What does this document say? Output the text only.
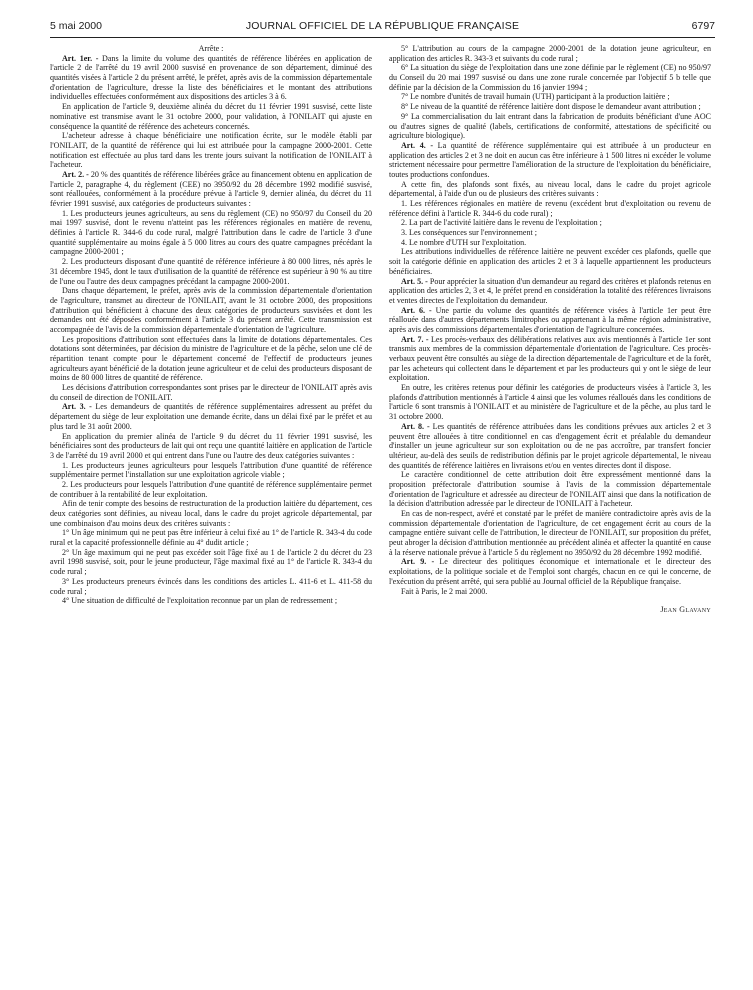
5 mai 2000	JOURNAL OFFICIEL DE LA RÉPUBLIQUE FRANÇAISE	6797

Arrête :

Art. 1er. - Dans la limite du volume des quantités de référence libérées en application de l'article 2 de l'arrêté du 19 avril 2000 susvisé en provenance de son département, diminué des quantités visées à l'article 2 du présent arrêté, le préfet, après avis de la commission départementale d'orientation de l'agriculture, dresse la liste des bénéficiaires et le montant des attributions individuelles effectuées conformément aux dispositions des articles 3 à 6.

En application de l'article 9, deuxième alinéa du décret du 11 février 1991 susvisé, cette liste nominative est transmise avant le 31 octobre 2000, pour validation, à l'ONILAIT qui ajuste en conséquence la quantité de référence des acheteurs concernés.

L'acheteur adresse à chaque bénéficiaire une notification écrite, sur le modèle établi par l'ONILAIT, de la quantité de référence qui lui est attribuée pour la campagne 2000-2001. Cette notification est effectuée au plus tard dans les trente jours suivant la notification de l'ONILAIT à l'acheteur.

Art. 2. - 20 % des quantités de référence libérées grâce au financement obtenu en application de l'article 2, paragraphe 4, du règlement (CEE) no 3950/92 du 28 décembre 1992 modifié susvisé, sont réallouées, conformément à la procédure prévue à l'article 9, dernier alinéa, du décret du 11 février 1991 susvisé, aux catégories de producteurs suivantes :

1. Les producteurs jeunes agriculteurs, au sens du règlement (CE) no 950/97 du Conseil du 20 mai 1997 susvisé, dont le revenu n'atteint pas les références régionales en matière de revenu, définies à l'article R. 344-6 du code rural, malgré l'attribution dans le cadre de l'article 3 d'une quantité supplémentaire au moins égale à 5 000 litres au cours des quatre campagnes précédant la campagne 2000-2001 ;

2. Les producteurs disposant d'une quantité de référence inférieure à 80 000 litres, nés après le 31 décembre 1945, dont le taux d'utilisation de la quantité de référence est supérieur à 90 % au titre de l'une ou l'autre des deux campagnes précédant la campagne 2000-2001.

Dans chaque département, le préfet, après avis de la commission départementale d'orientation de l'agriculture, transmet au directeur de l'ONILAIT, avant le 31 octobre 2000, des propositions d'attribution qui bénéficient à chacune des deux catégories de producteurs susvisées et dont les demandes ont été déposées conformément à l'article 3 du présent arrêté. Cette transmission est accompagnée de l'avis de la commission départementale d'orientation de l'agriculture.

Les propositions d'attribution sont effectuées dans la limite de dotations départementales. Ces dotations sont déterminées, par décision du ministre de l'agriculture et de la pêche, selon une clé de répartition tenant compte pour le département concerné de l'effectif de producteurs jeunes agriculteurs ayant bénéficié de la dotation jeune agriculteur et de celui des producteurs disposant de moins de 80 000 litres de quantité de référence.

Les décisions d'attribution correspondantes sont prises par le directeur de l'ONILAIT après avis du conseil de direction de l'ONILAIT.

Art. 3. - Les demandeurs de quantités de référence supplémentaires adressent au préfet du département du siège de leur exploitation une demande écrite, dans un délai fixé par le préfet et au plus tard le 31 août 2000.

En application du premier alinéa de l'article 9 du décret du 11 février 1991 susvisé, les bénéficiaires sont des producteurs de lait qui ont reçu une quantité laitière en application de l'article 3 de l'arrêté du 19 avril 2000 et qui entrent dans l'une ou l'autre des deux catégories suivantes :

1. Les producteurs jeunes agriculteurs pour lesquels l'attribution d'une quantité de référence supplémentaire permet l'installation sur une exploitation agricole viable ;

2. Les producteurs pour lesquels l'attribution d'une quantité de référence supplémentaire permet de contribuer à la rentabilité de leur exploitation.

Afin de tenir compte des besoins de restructuration de la production laitière du département, ces deux catégories sont définies, au niveau local, dans le cadre du projet agricole départemental, par une combinaison d'au moins deux des critères suivants :

1° Un âge minimum qui ne peut pas être inférieur à celui fixé au 1° de l'article R. 343-4 du code rural et la capacité professionnelle définie au 4° dudit article ;

2° Un âge maximum qui ne peut pas excéder soit l'âge fixé au 1 de l'article 2 du décret du 23 avril 1998 susvisé, soit, pour le jeune producteur, l'âge maximal fixé au 1° de l'article R. 343-4 du code rural ;

3° Les producteurs preneurs évincés dans les conditions des articles L. 411-6 et L. 411-58 du code rural ;

4° Une situation de difficulté de l'exploitation reconnue par un plan de redressement ;

5° L'attribution au cours de la campagne 2000-2001 de la dotation jeune agriculteur, en application des articles R. 343-3 et suivants du code rural ;

6° La situation du siège de l'exploitation dans une zone définie par le règlement (CE) no 950/97 du Conseil du 20 mai 1997 susvisé ou dans une zone rurale concernée par l'objectif 5 b telle que définie par la décision de la Commission du 16 janvier 1994 ;

7° Le nombre d'unités de travail humain (UTH) participant à la production laitière ;

8° Le niveau de la quantité de référence laitière dont dispose le demandeur avant attribution ;

9° La commercialisation du lait entrant dans la fabrication de produits bénéficiant d'une AOC ou d'autres signes de qualité (labels, certifications de conformité, attestations de spécificité ou agriculture biologique).

Art. 4. - La quantité de référence supplémentaire qui est attribuée à un producteur en application des articles 2 et 3 ne doit en aucun cas être inférieure à 1 500 litres ni excéder le volume strictement nécessaire pour permettre l'amélioration de la structure de l'exploitation du bénéficiaire, toutes productions confondues.

A cette fin, des plafonds sont fixés, au niveau local, dans le cadre du projet agricole départemental, à l'aide d'un ou de plusieurs des critères suivants :

1. Les références régionales en matière de revenu (excédent brut d'exploitation ou revenu de référence défini à l'article R. 344-6 du code rural) ;

2. La part de l'activité laitière dans le revenu de l'exploitation ;

3. Les conséquences sur l'environnement ;

4. Le nombre d'UTH sur l'exploitation.

Les attributions individuelles de référence laitière ne peuvent excéder ces plafonds, quelle que soit la catégorie définie en application des articles 2 et 3 à laquelle appartiennent les producteurs bénéficiaires.

Art. 5. - Pour apprécier la situation d'un demandeur au regard des critères et plafonds retenus en application des articles 2, 3 et 4, le préfet prend en considération la totalité des références livraisons et ventes directes de l'exploitation du demandeur.

Art. 6. - Une partie du volume des quantités de référence visées à l'article 1er peut être réallouée dans d'autres départements limitrophes ou appartenant à la même région administrative, après avis des commissions départementales d'orientation de l'agriculture concernées.

Art. 7. - Les procès-verbaux des délibérations relatives aux avis mentionnés à l'article 1er sont transmis aux membres de la commission départementale d'orientation de l'agriculture. Ces procès-verbaux peuvent être consultés au siège de la direction départementale de l'agriculture et de la forêt, par les acheteurs qui collectent dans le département et par les producteurs qui y ont le siège de leur exploitation.

En outre, les critères retenus pour définir les catégories de producteurs visées à l'article 3, les plafonds d'attribution mentionnés à l'article 4 ainsi que les volumes réalloués dans les conditions de l'article 6 sont transmis à l'ONILAIT et au ministère de l'agriculture et de la pêche, au plus tard le 31 octobre 2000.

Art. 8. - Les quantités de référence attribuées dans les conditions prévues aux articles 2 et 3 peuvent être allouées à titre conditionnel en cas d'engagement écrit et préalable du demandeur d'installer un jeune agriculteur sur son exploitation ou de ne pas accroître, par transfert foncier ultérieur, au-delà des seuils de redistribution définis par le projet agricole départemental, le niveau des quantités de référence laitières en livraisons et/ou en ventes directes dont il dispose.

Le caractère conditionnel de cette attribution doit être expressément mentionné dans la proposition préfectorale d'attribution soumise à l'avis de la commission départementale d'orientation de l'agriculture et adressée au directeur de l'ONILAIT ainsi que dans la notification de la décision d'attribution adressée par le directeur de l'ONILAIT à l'acheteur.

En cas de non-respect, avéré et constaté par le préfet de manière contradictoire après avis de la commission départementale d'orientation de l'agriculture, de cet engagement écrit au cours de la campagne entière suivant celle de l'attribution, le directeur de l'ONILAIT, sur proposition du préfet, peut abroger la décision d'attribution mentionnée au précédent alinéa et affecter la quantité en cause à la réserve nationale prévue à l'article 5 du règlement no 3950/92 du 28 décembre 1992 modifié.

Art. 9. - Le directeur des politiques économique et internationale et le directeur des exploitations, de la politique sociale et de l'emploi sont chargés, chacun en ce qui le concerne, de l'exécution du présent arrêté, qui sera publié au Journal officiel de la République française.

Fait à Paris, le 2 mai 2000.

Jean Glavany
